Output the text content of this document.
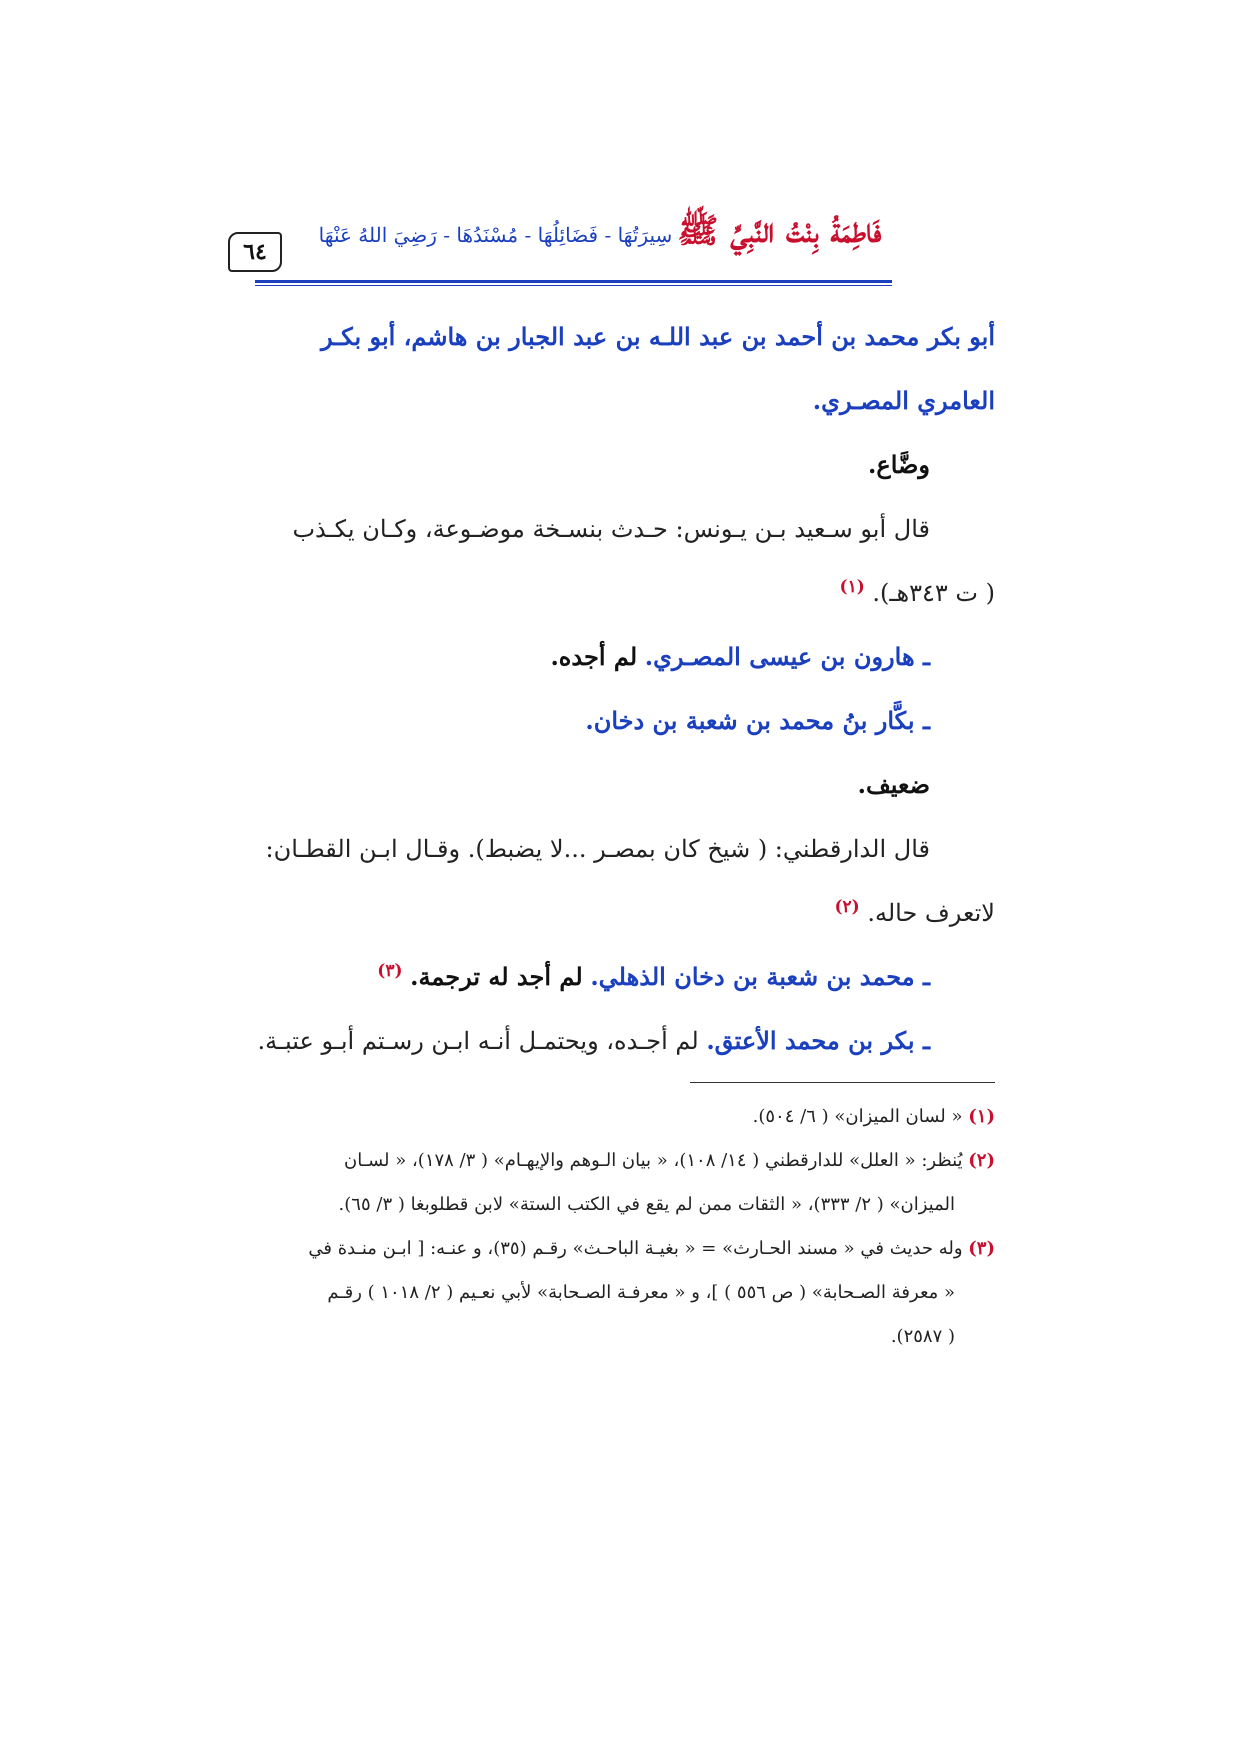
٦٤
فَاطِمَةُ بِنْتُ النَّبِيِّ ﷺ سِيرَتُهَا - فَضَائِلُهَا - مُسْنَدُهَا - رَضِيَ اللهُ عَنْهَا

أبو بكر محمد بن أحمد بن عبد اللـه بن عبد الجبار بن هاشم، أبو بكـر

العامري المصـري.

وضَّاع.

قال أبو سـعيد بـن يـونس: حـدث بنسـخة موضـوعة، وكـان يكـذب

( ت ٣٤٣هـ). $^{(١)}$

ـ هارون بن عيسى المصـري. لم أجده.

ـ بكَّار بنُ محمد بن شعبة بن دخان.

ضعيف.

قال الدارقطني: ( شيخ كان بمصـر ...لا يضبط). وقـال ابـن القطـان:

لاتعرف حاله. $^{(٢)}$

ـ محمد بن شعبة بن دخان الذهلي. لم أجد له ترجمة. $^{(٣)}$

ـ بكر بن محمد الأعتق. لم أجـده، ويحتمـل أنـه ابـن رسـتم أبـو عتبـة.

(١) « لسان الميزان» ( ٦/ ٥٠٤).

(٢) يُنظر: « العلل» للدارقطني ( ١٤/ ١٠٨)، « بيان الـوهم والإيهـام» ( ٣/ ١٧٨)، « لسـان

الميزان» ( ٢/ ٣٣٣)، « الثقات ممن لم يقع في الكتب الستة» لابن قطلوبغا ( ٣/ ٦٥).

(٣) وله حديث في « مسند الحـارث» = « بغيـة الباحـث» رقـم (٣٥)، و عنـه: [ ابـن منـدة في

« معرفة الصـحابة» ( ص ٥٥٦ ) ]، و « معرفـة الصـحابة» لأبي نعـيم ( ٢/ ١٠١٨ ) رقـم

( ٢٥٨٧).
